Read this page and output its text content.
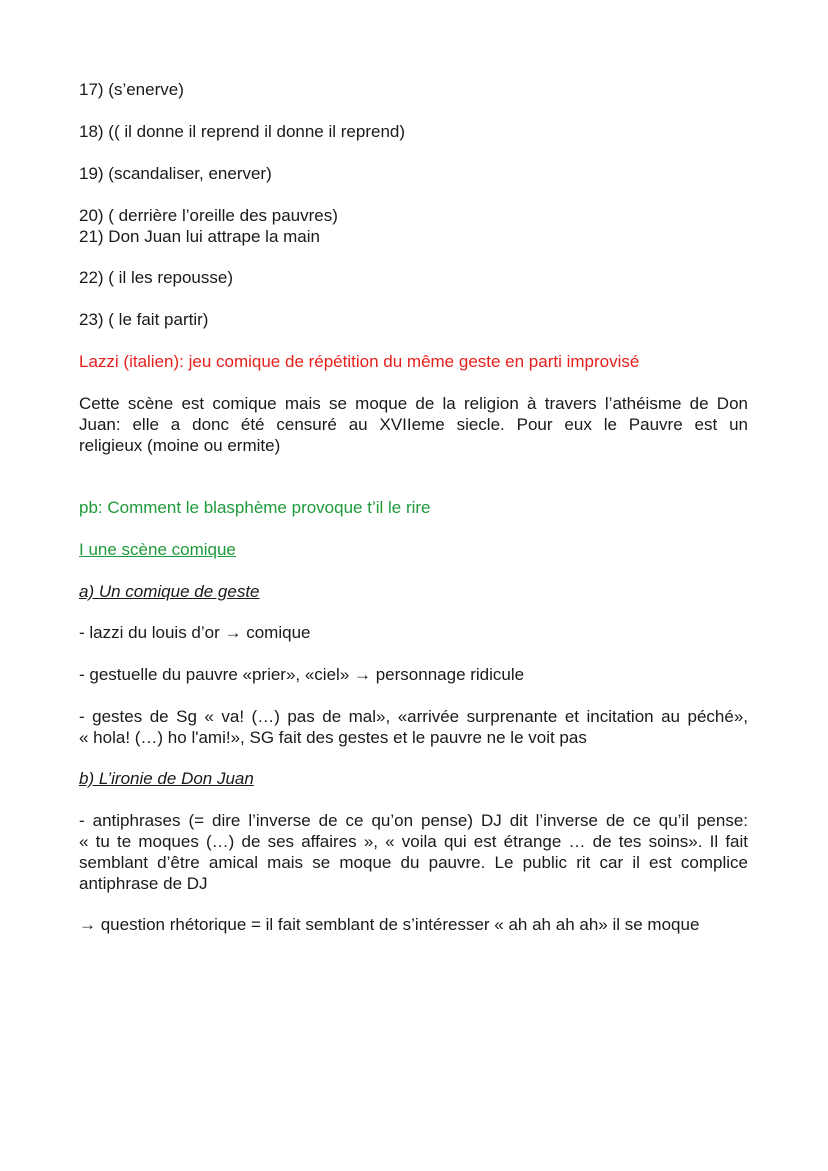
17) (s’enerve)

18) (( il donne il reprend il donne il reprend)

19) (scandaliser, enerver)

20) ( derrière l’oreille des pauvres)

21) Don Juan lui attrape la main

22) ( il les repousse)

23) ( le fait partir)

Lazzi (italien): jeu comique de répétition du même geste en parti improvisé

Cette scène est comique mais se moque de la religion à travers l’athéisme de Don

Juan: elle a donc été censuré au XVIIeme siecle. Pour eux le Pauvre est un

religieux (moine ou ermite)

pb: Comment le blasphème provoque t’il le rire

I une scène comique

a) Un comique de geste

- lazzi du louis d’or → comique

- gestuelle du pauvre «prier», «ciel» → personnage ridicule

- gestes de Sg « va! (…) pas de mal», «arrivée surprenante et incitation au péché»,

« hola! (…) ho l'ami!», SG fait des gestes et le pauvre ne le voit pas

b) L’ironie de Don Juan

- antiphrases (= dire l’inverse de ce qu’on pense) DJ dit l’inverse de ce qu’il pense:

« tu te moques (…) de ses affaires », « voila qui est étrange … de tes soins». Il fait

semblant d’être amical mais se moque du pauvre. Le public rit car il est complice

antiphrase de DJ

→ question rhétorique = il fait semblant de s’intéresser « ah ah ah ah» il se moque
